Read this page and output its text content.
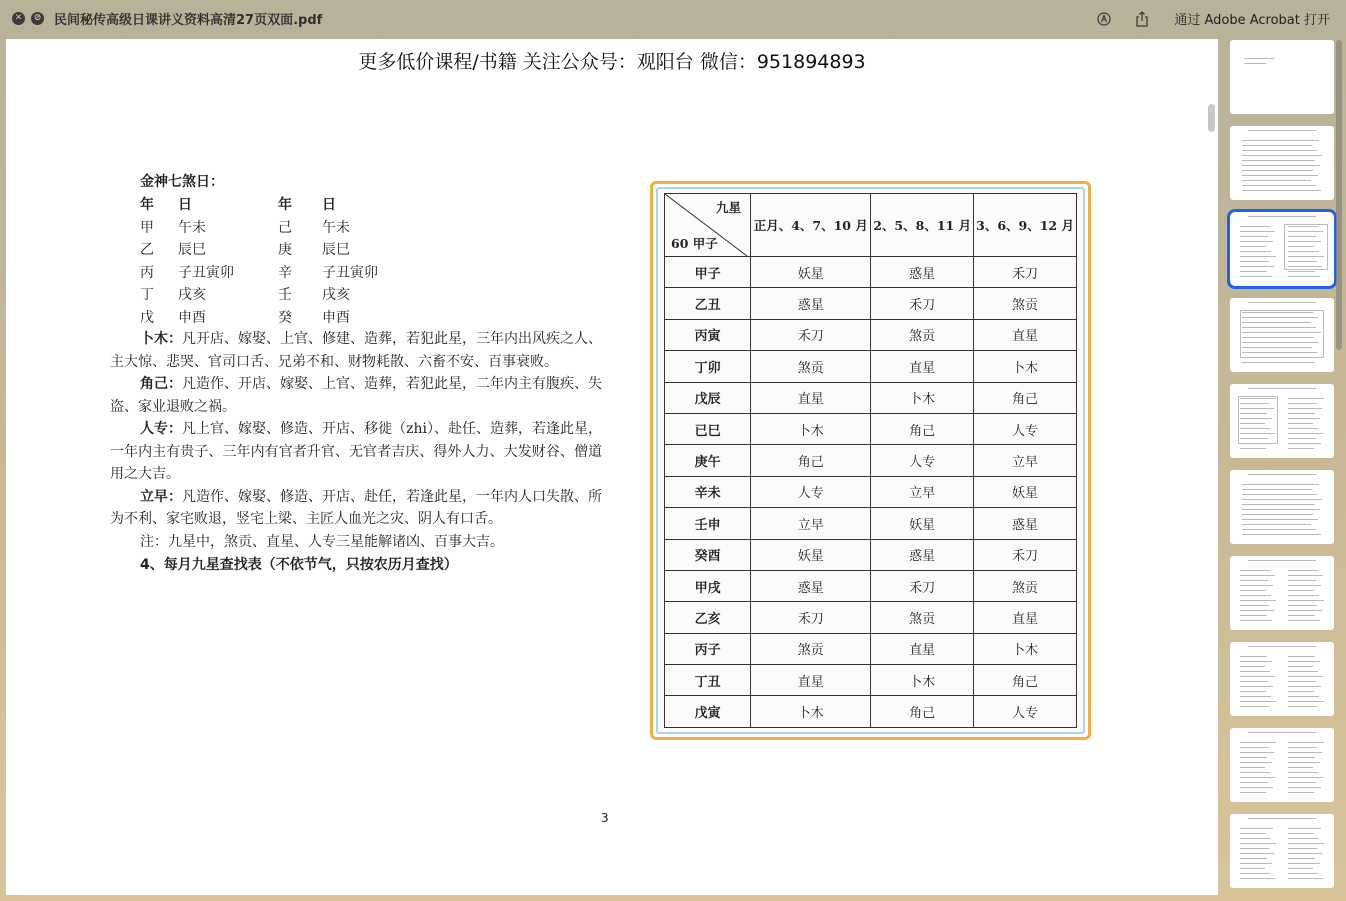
✕	⊘ 民间秘传高级日课讲义资料高清27页双面.pdf	通过 Adobe Acrobat 打开
更多低价课程/书籍 关注公众号：观阳台 微信：951894893
金神七煞日：
年	日	年	日
甲	午未	己	午未
乙	辰巳	庚	辰巳
丙	子丑寅卯	辛	子丑寅卯
丁	戌亥	壬	戌亥
戊	申酉	癸	申酉
卜木：凡开店、嫁娶、上官、修建、造葬，若犯此星，三年内出风疾之人、主大惊、悲哭、官司口舌、兄弟不和、财物耗散、六畜不安、百事衰败。
角己：凡造作、开店、嫁娶、上官、造葬，若犯此星，二年内主有腹疾、失盗、家业退败之祸。
人专：凡上官、嫁娶、修造、开店、移徙（zhi）、赴任、造葬，若逢此星，一年内主有贵子、三年内有官者升官、无官者吉庆、得外人力、大发财谷、僧道用之大吉。
立早：凡造作、嫁娶、修造、开店、赴任，若逢此星，一年内人口失散、所为不利、家宅败退，竖宅上梁、主匠人血光之灾、阴人有口舌。
注：九星中，煞贡、直星、人专三星能解诸凶、百事大吉。
4、每月九星查找表（不依节气，只按农历月查找）
九星
60 甲子	正月、4、7、10 月	2、5、8、11 月	3、6、9、12 月
甲子	妖星	惑星	禾刀
乙丑	惑星	禾刀	煞贡
丙寅	禾刀	煞贡	直星
丁卯	煞贡	直星	卜木
戊辰	直星	卜木	角己
已巳	卜木	角己	人专
庚午	角己	人专	立早
辛未	人专	立早	妖星
壬申	立早	妖星	惑星
癸酉	妖星	惑星	禾刀
甲戌	惑星	禾刀	煞贡
乙亥	禾刀	煞贡	直星
丙子	煞贡	直星	卜木
丁丑	直星	卜木	角己
戊寅	卜木	角己	人专
3
